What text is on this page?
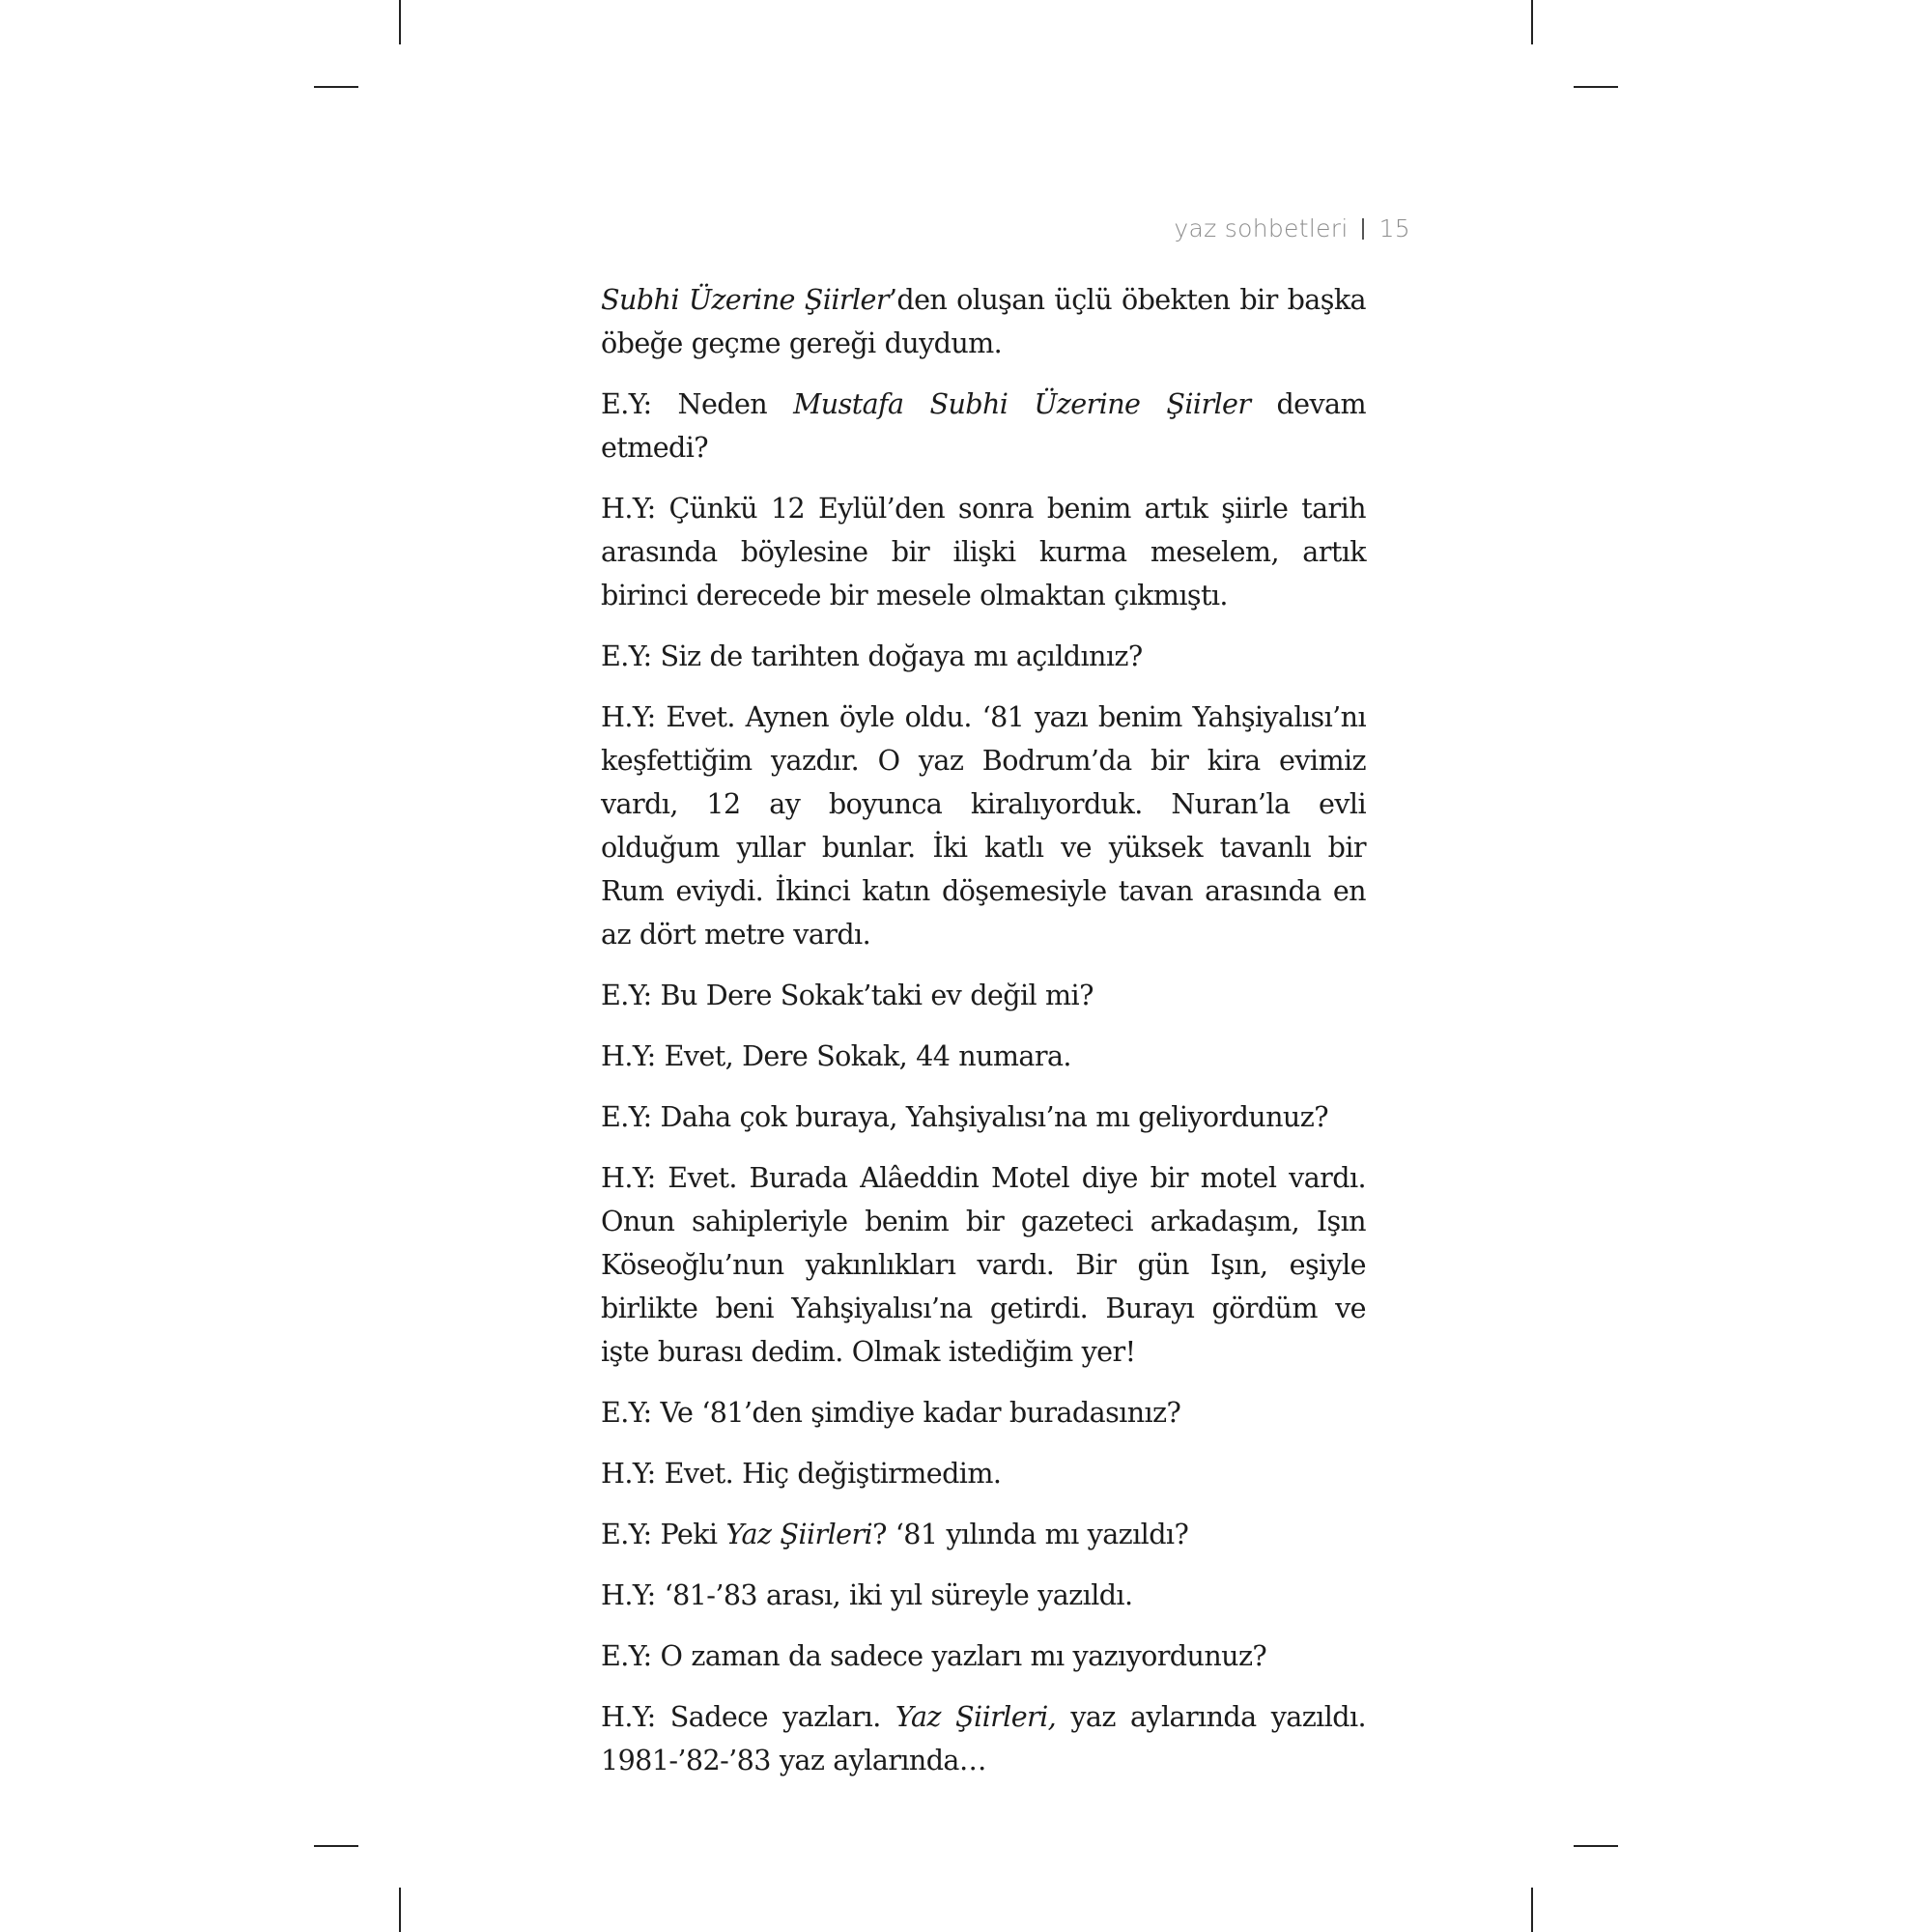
yaz sohbetleri 15

Subhi Üzerine Şiirler’den oluşan üçlü öbekten bir başka öbeğe geçme gereği duydum.

E.Y: Neden Mustafa Subhi Üzerine Şiirler devam etmedi?

H.Y: Çünkü 12 Eylül’den sonra benim artık şiirle tarih arasında böylesine bir ilişki kurma meselem, artık birinci derecede bir mesele olmaktan çıkmıştı.

E.Y: Siz de tarihten doğaya mı açıldınız?

H.Y: Evet. Aynen öyle oldu. ‘81 yazı benim Yahşiyalısı’nı keşfettiğim yazdır. O yaz Bodrum’da bir kira evimiz vardı, 12 ay boyunca kiralıyorduk. Nuran’la evli olduğum yıllar bunlar. İki katlı ve yüksek tavanlı bir Rum eviydi. İkinci katın döşemesiyle tavan arasında en az dört metre vardı.

E.Y: Bu Dere Sokak’taki ev değil mi?

H.Y: Evet, Dere Sokak, 44 numara.

E.Y: Daha çok buraya, Yahşiyalısı’na mı geliyordunuz?

H.Y: Evet. Burada Alâeddin Motel diye bir motel vardı. Onun sahipleriyle benim bir gazeteci arkadaşım, Işın Köseoğlu’nun yakınlıkları vardı. Bir gün Işın, eşiyle birlikte beni Yahşiyalısı’na getirdi. Burayı gördüm ve işte burası dedim. Olmak istediğim yer!

E.Y: Ve ‘81’den şimdiye kadar buradasınız?

H.Y: Evet. Hiç değiştirmedim.

E.Y: Peki Yaz Şiirleri? ‘81 yılında mı yazıldı?

H.Y: ‘81-’83 arası, iki yıl süreyle yazıldı.

E.Y: O zaman da sadece yazları mı yazıyordunuz?

H.Y: Sadece yazları. Yaz Şiirleri, yaz aylarında yazıldı. 1981-’82-’83 yaz aylarında…
